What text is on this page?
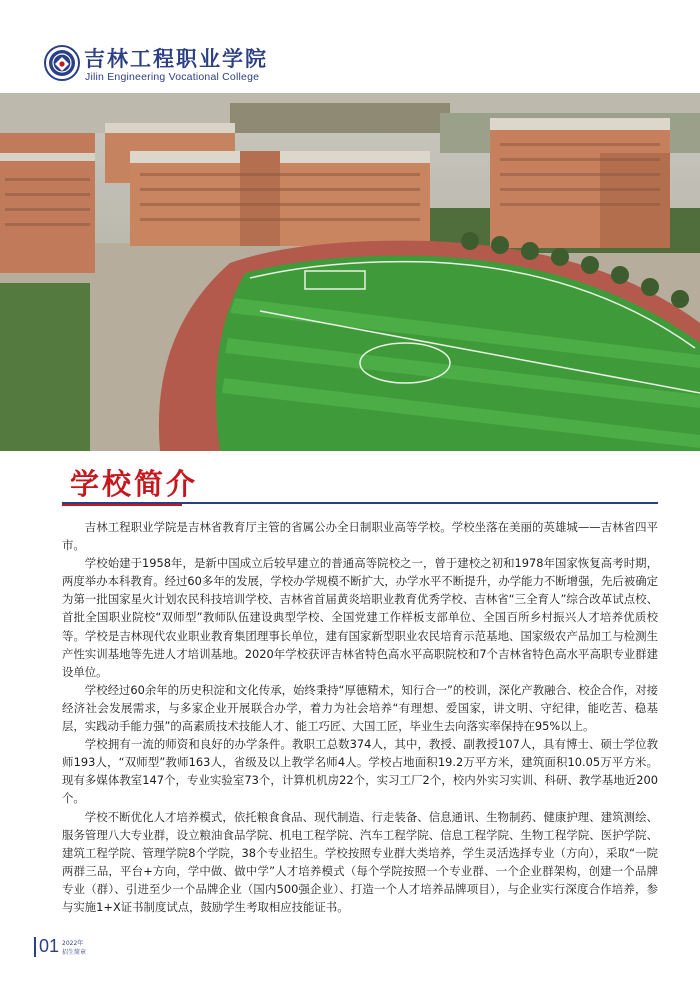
吉林工程职业学院
Jilin Engineering Vocational College
学校简介

吉林工程职业学院是吉林省教育厅主管的省属公办全日制职业高等学校。学校坐落在美丽的英雄城——吉林省四平市。

学校始建于1958年，是新中国成立后较早建立的普通高等院校之一，曾于建校之初和1978年国家恢复高考时期，两度举办本科教育。经过60多年的发展，学校办学规模不断扩大，办学水平不断提升，办学能力不断增强，先后被确定为第一批国家星火计划农民科技培训学校、吉林省首届黄炎培职业教育优秀学校、吉林省“三全育人”综合改革试点校、首批全国职业院校“双师型”教师队伍建设典型学校、全国党建工作样板支部单位、全国百所乡村振兴人才培养优质校等。学校是吉林现代农业职业教育集团理事长单位，建有国家新型职业农民培育示范基地、国家级农产品加工与检测生产性实训基地等先进人才培训基地。2020年学校获评吉林省特色高水平高职院校和7个吉林省特色高水平高职专业群建设单位。

学校经过60余年的历史积淀和文化传承，始终秉持“厚德精术，知行合一”的校训，深化产教融合、校企合作，对接经济社会发展需求，与多家企业开展联合办学，着力为社会培养“有理想、爱国家，讲文明、守纪律，能吃苦、稳基层，实践动手能力强”的高素质技术技能人才、能工巧匠、大国工匠，毕业生去向落实率保持在95%以上。

学校拥有一流的师资和良好的办学条件。教职工总数374人，其中，教授、副教授107人，具有博士、硕士学位教师193人，“双师型”教师163人，省级及以上教学名师4人。学校占地面积19.2万平方米，建筑面积10.05万平方米。现有多媒体教室147个，专业实验室73个，计算机机房22个，实习工厂2个，校内外实习实训、科研、教学基地近200个。

学校不断优化人才培养模式，依托粮食食品、现代制造、行走装备、信息通讯、生物制药、健康护理、建筑测绘、服务管理八大专业群，设立粮油食品学院、机电工程学院、汽车工程学院、信息工程学院、生物工程学院、医护学院、建筑工程学院、管理学院8个学院，38个专业招生。学校按照专业群大类培养，学生灵活选择专业（方向），采取“一院两群三品，平台+方向，学中做、做中学”人才培养模式（每个学院按照一个专业群、一个企业群架构，创建一个品牌专业（群）、引进至少一个品牌企业（国内500强企业）、打造一个人才培养品牌项目），与企业实行深度合作培养，参与实施1+X证书制度试点，鼓励学生考取相应技能证书。

01 2022年
招生简章
